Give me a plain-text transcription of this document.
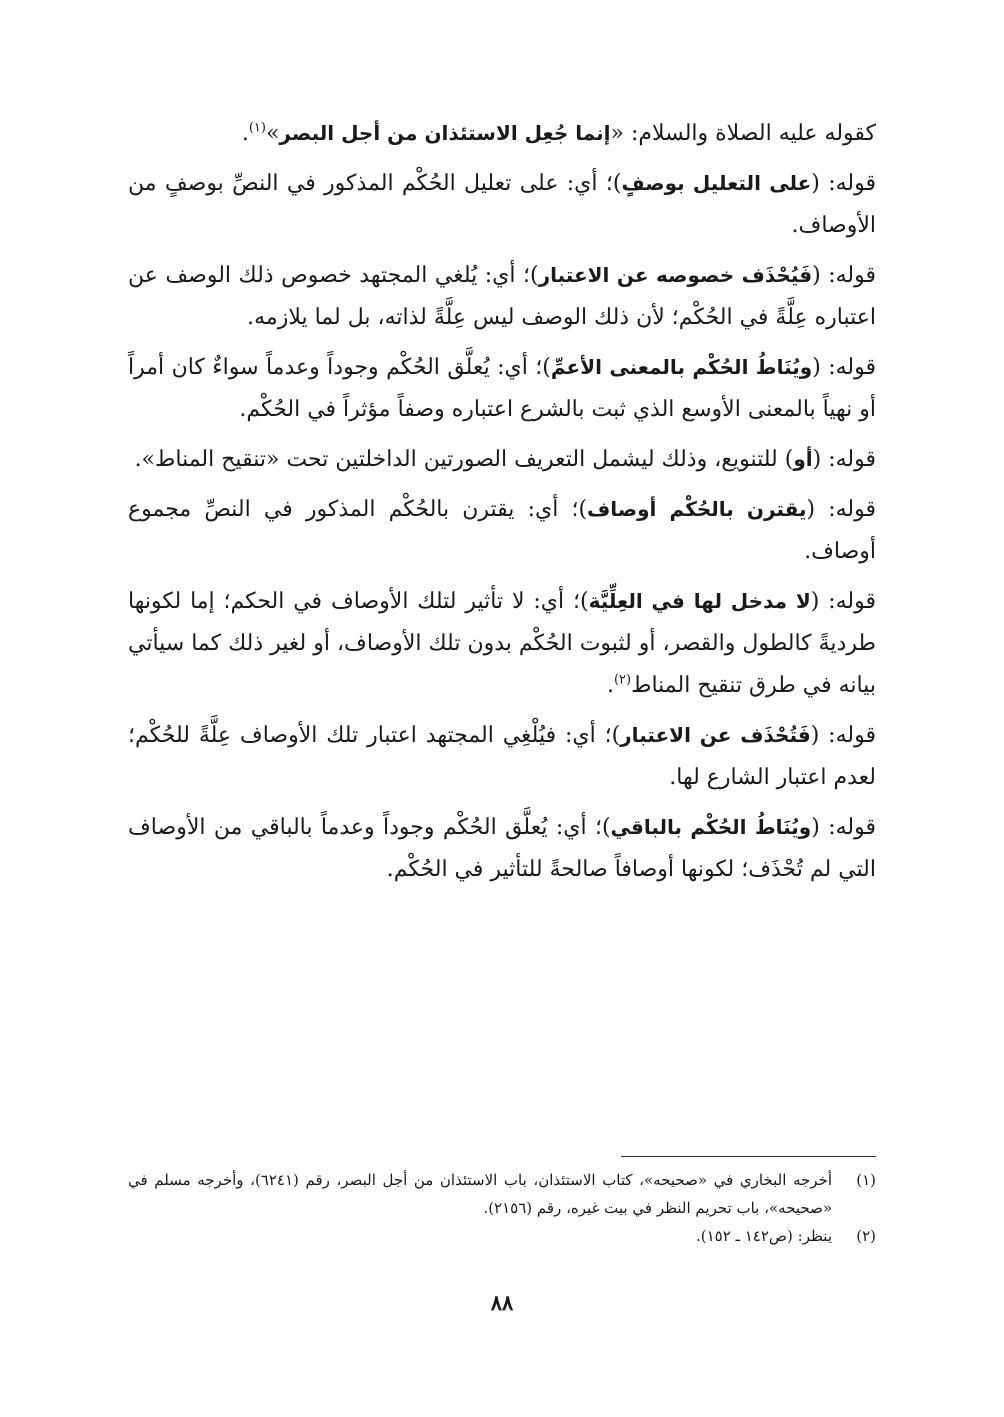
كقوله عليه الصلاة والسلام: «إنما جُعِل الاستئذان من أجل البصر»$^{(١)}$.

قوله: (على التعليل بوصفٍ)؛ أي: على تعليل الحُكْم المذكور في النصِّ بوصفٍ من الأوصاف.

قوله: (فَيُحْذَف خصوصه عن الاعتبار)؛ أي: يُلغي المجتهد خصوص ذلك الوصف عن اعتباره عِلَّةً في الحُكْم؛ لأن ذلك الوصف ليس عِلَّةً لذاته، بل لما يلازمه.

قوله: (ويُنَاطُ الحُكْم بالمعنى الأعمِّ)؛ أي: يُعلَّق الحُكْم وجوداً وعدماً سواءٌ كان أمراً أو نهياً بالمعنى الأوسع الذي ثبت بالشرع اعتباره وصفاً مؤثراً في الحُكْم.

قوله: (أو) للتنويع، وذلك ليشمل التعريف الصورتين الداخلتين تحت «تنقيح المناط».

قوله: (يقترن بالحُكْم أوصاف)؛ أي: يقترن بالحُكْم المذكور في النصِّ مجموع أوصاف.

قوله: (لا مدخل لها في العِلِّيَّة)؛ أي: لا تأثير لتلك الأوصاف في الحكم؛ إما لكونها طرديةً كالطول والقصر، أو لثبوت الحُكْم بدون تلك الأوصاف، أو لغير ذلك كما سيأتي بيانه في طرق تنقيح المناط$^{(٢)}$.

قوله: (فَتُحْذَف عن الاعتبار)؛ أي: فيُلْغِي المجتهد اعتبار تلك الأوصاف عِلَّةً للحُكْم؛ لعدم اعتبار الشارع لها.

قوله: (ويُنَاطُ الحُكْم بالباقي)؛ أي: يُعلَّق الحُكْم وجوداً وعدماً بالباقي من الأوصاف التي لم تُحْذَف؛ لكونها أوصافاً صالحةً للتأثير في الحُكْم.

(١)
أخرجه البخاري في «صحيحه»، كتاب الاستئذان، باب الاستئذان من أجل البصر، رقم (٦٢٤١)، وأخرجه مسلم في «صحيحه»، باب تحريم النظر في بيت غيره، رقم (٢١٥٦).
(٢)
ينظر: (ص١٤٢ ـ ١٥٢).
٨٨
